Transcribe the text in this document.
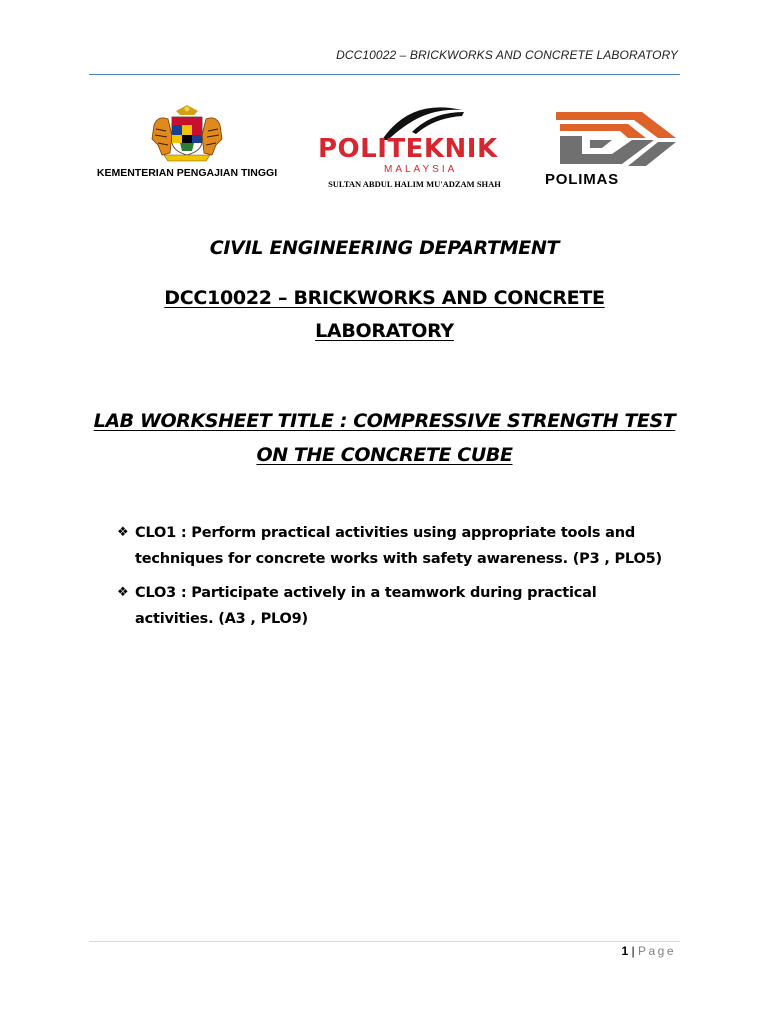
DCC10022 – BRICKWORKS AND CONCRETE LABORATORY
KEMENTERIAN PENGAJIAN TINGGI
POLITEKNIK
MALAYSIA
SULTAN ABDUL HALIM MU'ADZAM SHAH	POLIMAS
CIVIL ENGINEERING DEPARTMENT
DCC10022 – BRICKWORKS AND CONCRETE
LABORATORY
LAB WORKSHEET TITLE : COMPRESSIVE STRENGTH TEST
ON THE CONCRETE CUBE
❖ CLO1 : Perform practical activities using appropriate tools and techniques for concrete works with safety awareness. (P3 , PLO5)
❖ CLO3 : Participate actively in a teamwork during practical activities. (A3 , PLO9)
1 | Page
